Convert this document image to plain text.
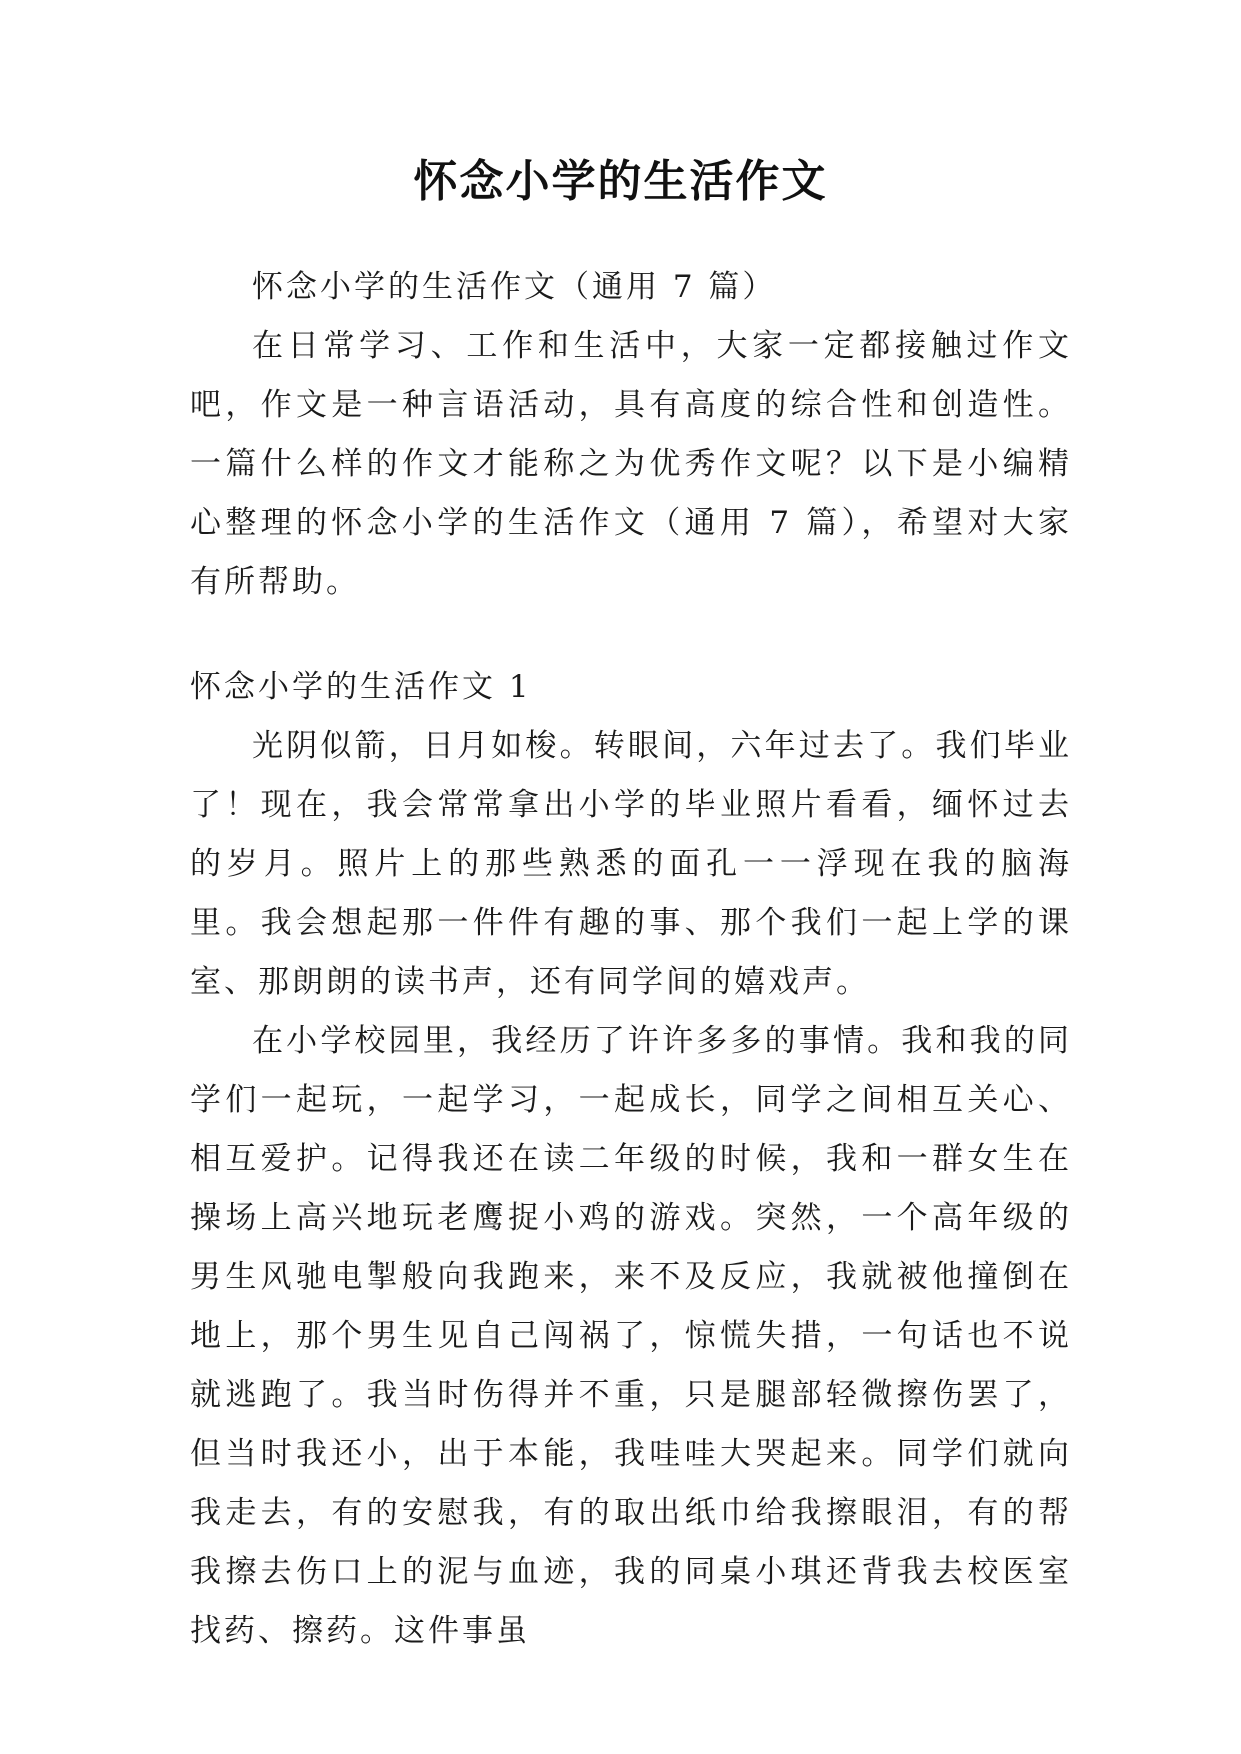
怀念小学的生活作文

怀念小学的生活作文（通用 7 篇）

在日常学习、工作和生活中，大家一定都接触过作文吧，作文是一种言语活动，具有高度的综合性和创造性。一篇什么样的作文才能称之为优秀作文呢？以下是小编精心整理的怀念小学的生活作文（通用 7 篇），希望对大家有所帮助。

怀念小学的生活作文 1

光阴似箭，日月如梭。转眼间，六年过去了。我们毕业了！现在，我会常常拿出小学的毕业照片看看，缅怀过去的岁月。照片上的那些熟悉的面孔一一浮现在我的脑海里。我会想起那一件件有趣的事、那个我们一起上学的课室、那朗朗的读书声，还有同学间的嬉戏声。

在小学校园里，我经历了许许多多的事情。我和我的同学们一起玩，一起学习，一起成长，同学之间相互关心、相互爱护。记得我还在读二年级的时候，我和一群女生在操场上高兴地玩老鹰捉小鸡的游戏。突然，一个高年级的男生风驰电掣般向我跑来，来不及反应，我就被他撞倒在地上，那个男生见自己闯祸了，惊慌失措，一句话也不说就逃跑了。我当时伤得并不重，只是腿部轻微擦伤罢了，但当时我还小，出于本能，我哇哇大哭起来。同学们就向我走去，有的安慰我，有的取出纸巾给我擦眼泪，有的帮我擦去伤口上的泥与血迹，我的同桌小琪还背我去校医室找药、擦药。这件事虽
